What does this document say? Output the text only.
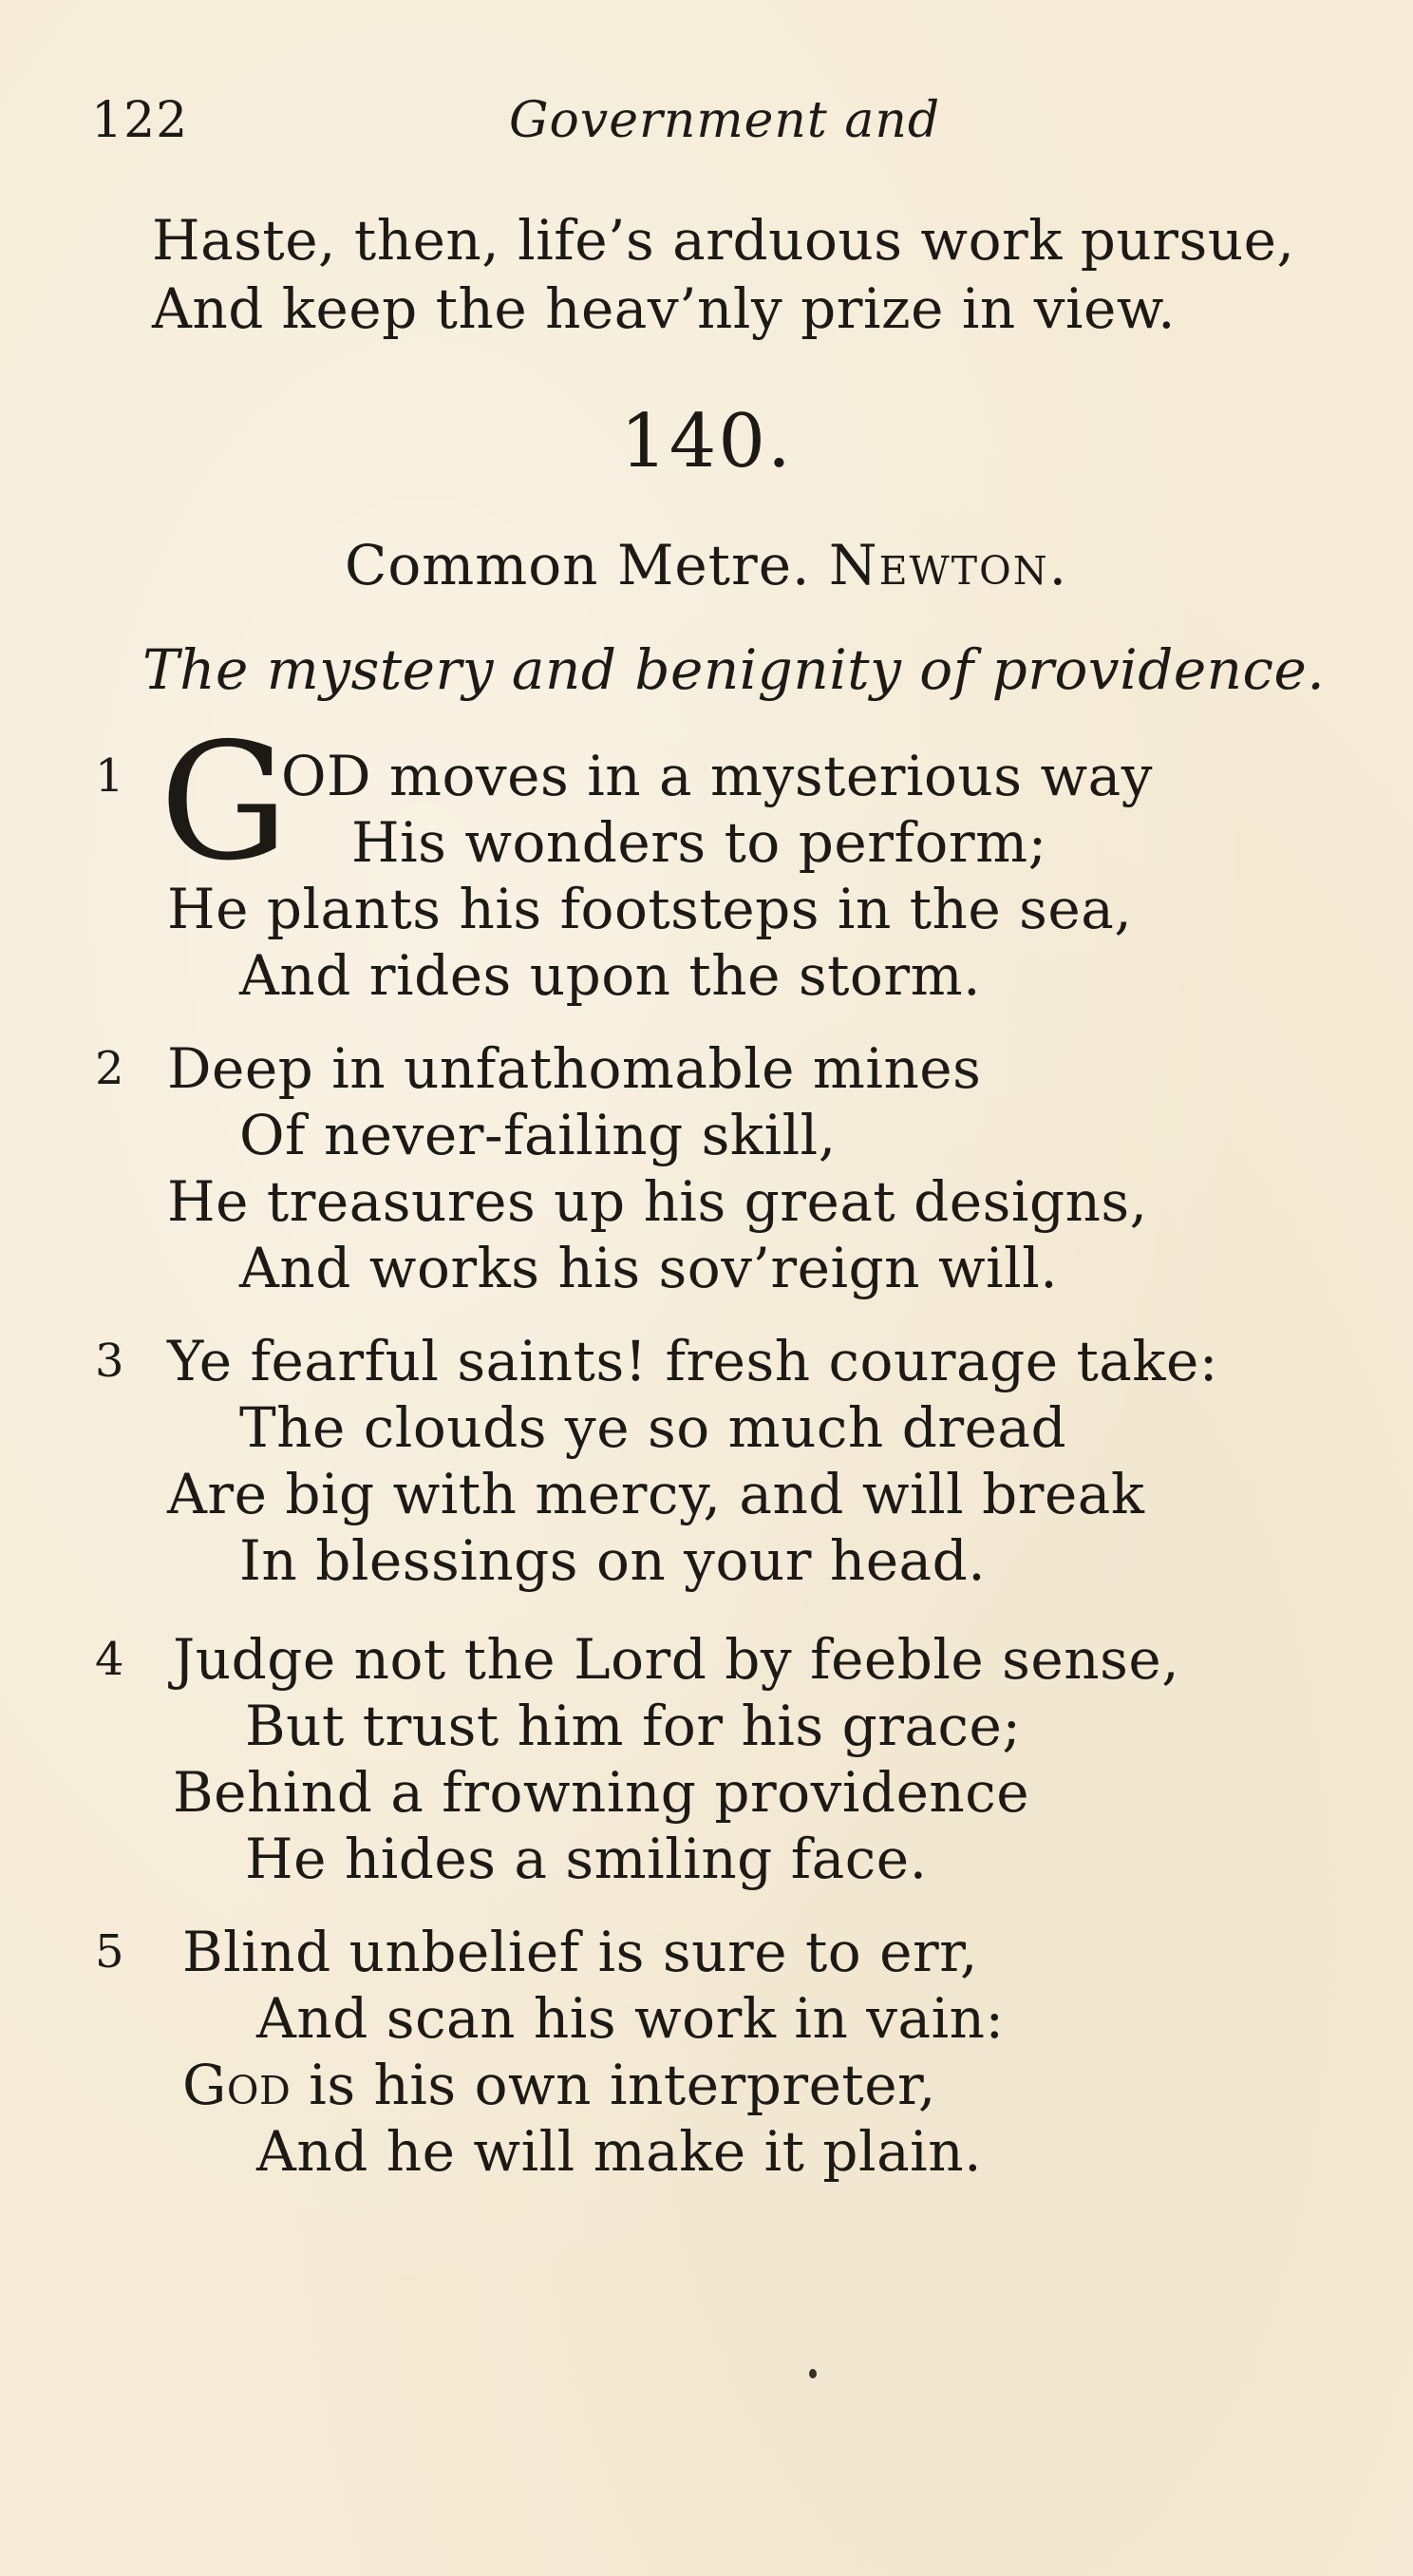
122	Government and
Haste, then, life’s arduous work pursue,
And keep the heav’nly prize in view.
140.
Common Metre. Newton.
The mystery and benignity of providence.
1 G
OD moves in a mysterious way
His wonders to perform;
He plants his footsteps in the sea,
And rides upon the storm.
2 Deep in unfathomable mines
Of never-failing skill,
He treasures up his great designs,
And works his sov’reign will.
3 Ye fearful saints! fresh courage take:
The clouds ye so much dread
Are big with mercy, and will break
In blessings on your head.
4 Judge not the Lord by feeble sense,
But trust him for his grace;
Behind a frowning providence
He hides a smiling face.
5 Blind unbelief is sure to err,
And scan his work in vain:
God is his own interpreter,
And he will make it plain.
